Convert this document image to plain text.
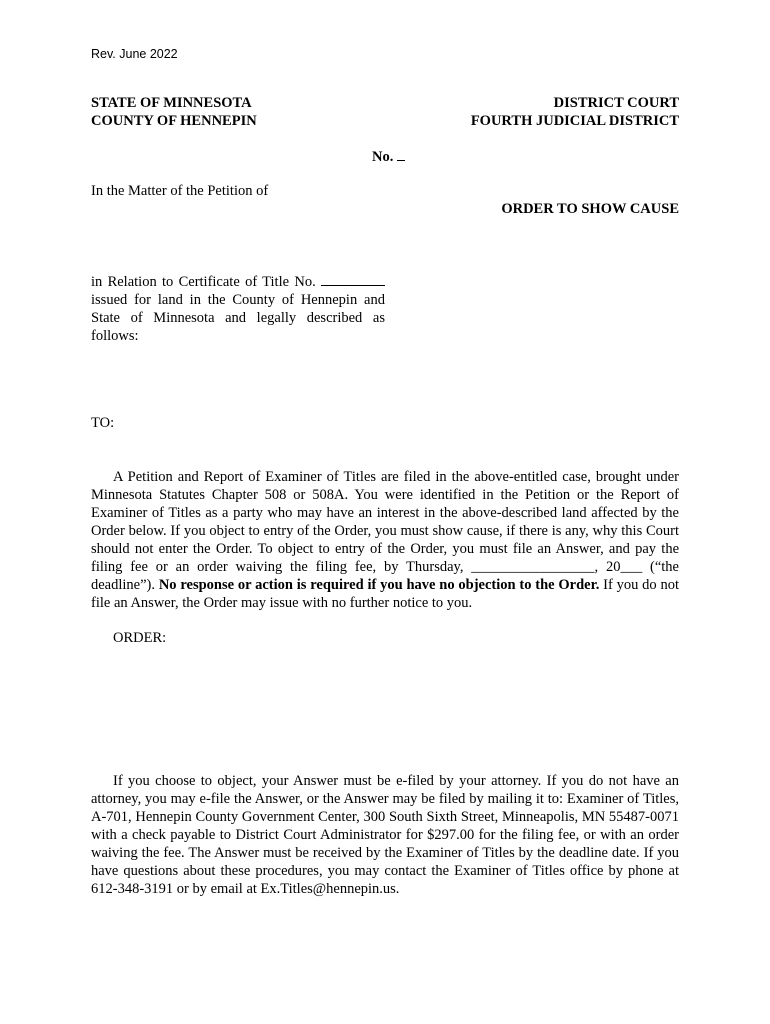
Rev. June 2022
STATE OF MINNESOTA
COUNTY OF HENNEPIN
DISTRICT COURT
FOURTH JUDICIAL DISTRICT
No.
In the Matter of the Petition of
ORDER TO SHOW CAUSE
in Relation to Certificate of Title No.  issued for land in the County of Hennepin and State of Minnesota and legally described as follows:
TO:
A Petition and Report of Examiner of Titles are filed in the above-entitled case, brought under Minnesota Statutes Chapter 508 or 508A. You were identified in the Petition or the Report of Examiner of Titles as a party who may have an interest in the above-described land affected by the Order below. If you object to entry of the Order, you must show cause, if there is any, why this Court should not enter the Order. To object to entry of the Order, you must file an Answer, and pay the filing fee or an order waiving the filing fee, by Thursday, _________________, 20___ (“the deadline”). No response or action is required if you have no objection to the Order. If you do not file an Answer, the Order may issue with no further notice to you.
ORDER:
If you choose to object, your Answer must be e-filed by your attorney. If you do not have an attorney, you may e-file the Answer, or the Answer may be filed by mailing it to: Examiner of Titles, A-701, Hennepin County Government Center, 300 South Sixth Street, Minneapolis, MN 55487-0071 with a check payable to District Court Administrator for $297.00 for the filing fee, or with an order waiving the fee. The Answer must be received by the Examiner of Titles by the deadline date. If you have questions about these procedures, you may contact the Examiner of Titles office by phone at 612-348-3191 or by email at Ex.Titles@hennepin.us.
